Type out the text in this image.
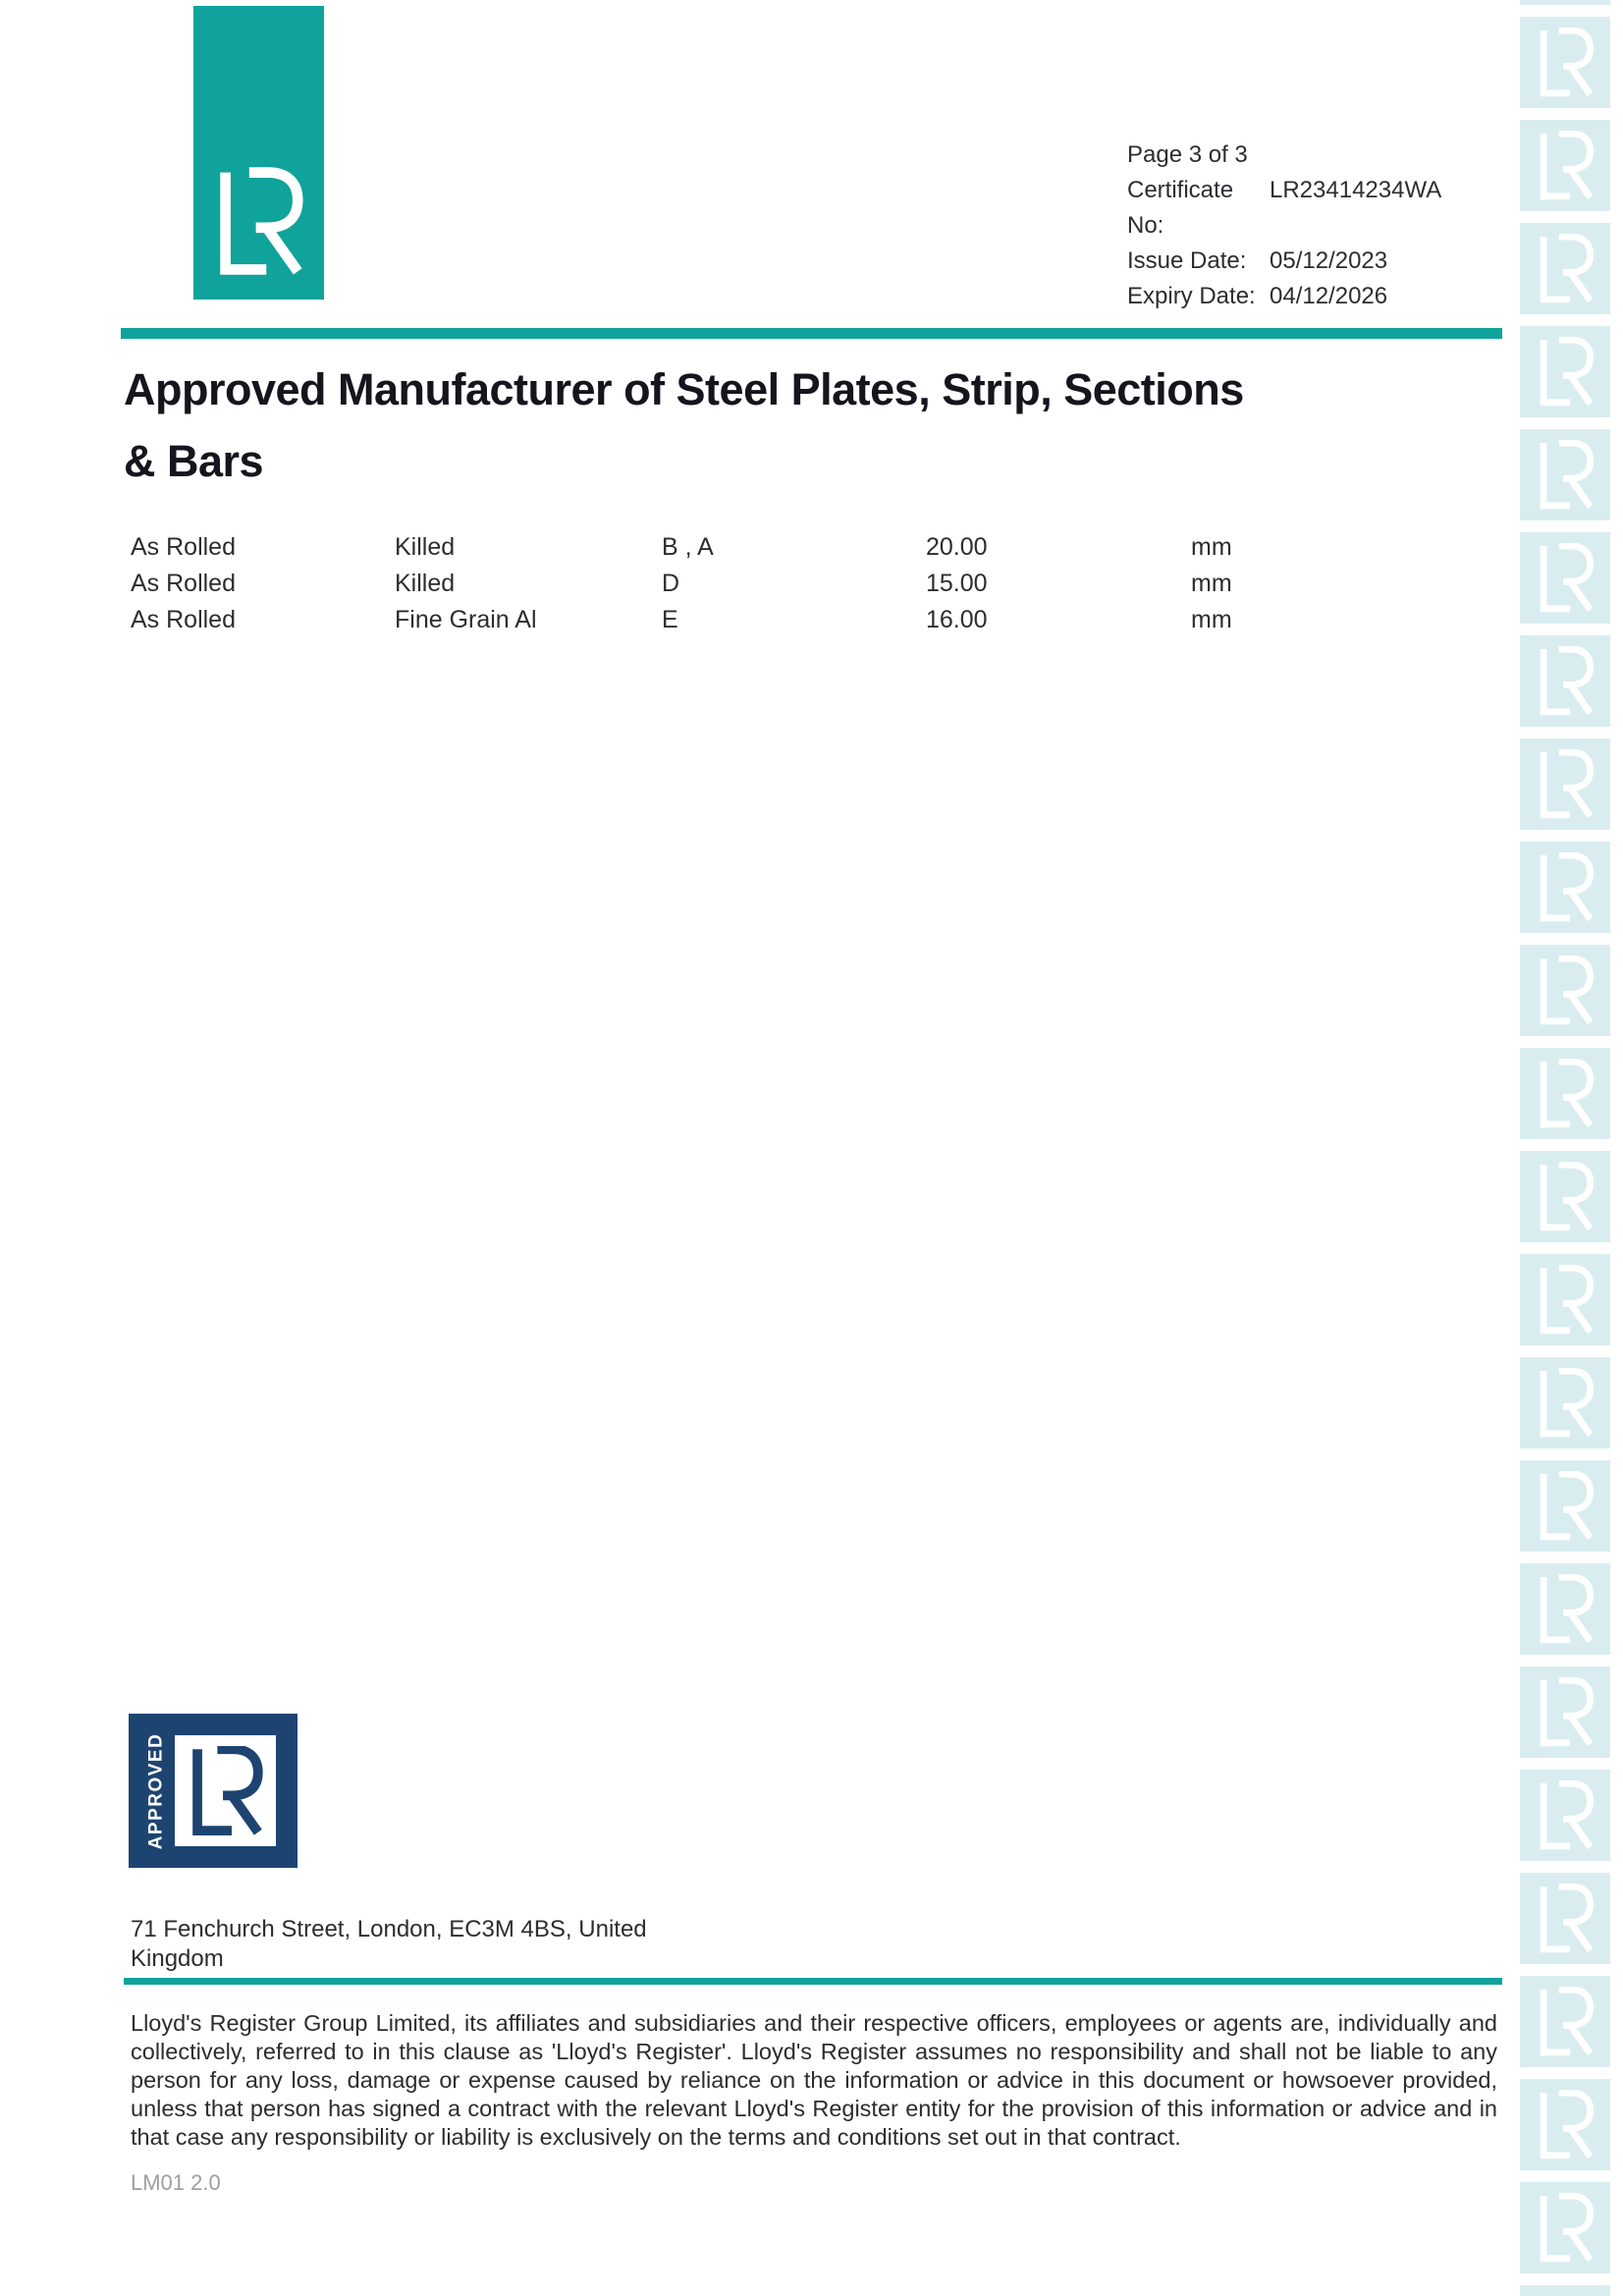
Page 3 of 3
Certificate No:
LR23414234WA
Issue Date: 05/12/2023
Expiry Date: 04/12/2026
Approved Manufacturer of Steel Plates, Strip, Sections
& Bars
As Rolled	Killed	B , A	20.00	mm
As Rolled	Killed	D	15.00	mm
As Rolled	Fine Grain Al	E	16.00	mm
APPROVED
71 Fenchurch Street, London, EC3M 4BS, United
Kingdom
Lloyd's Register Group Limited, its affiliates and subsidiaries and their respective officers, employees or agents are, individually and collectively, referred to in this clause as 'Lloyd's Register'. Lloyd's Register assumes no responsibility and shall not be liable to any person for any loss, damage or expense caused by reliance on the information or advice in this document or howsoever provided, unless that person has signed a contract with the relevant Lloyd's Register entity for the provision of this information or advice and in that case any responsibility or liability is exclusively on the terms and conditions set out in that contract.
LM01 2.0
